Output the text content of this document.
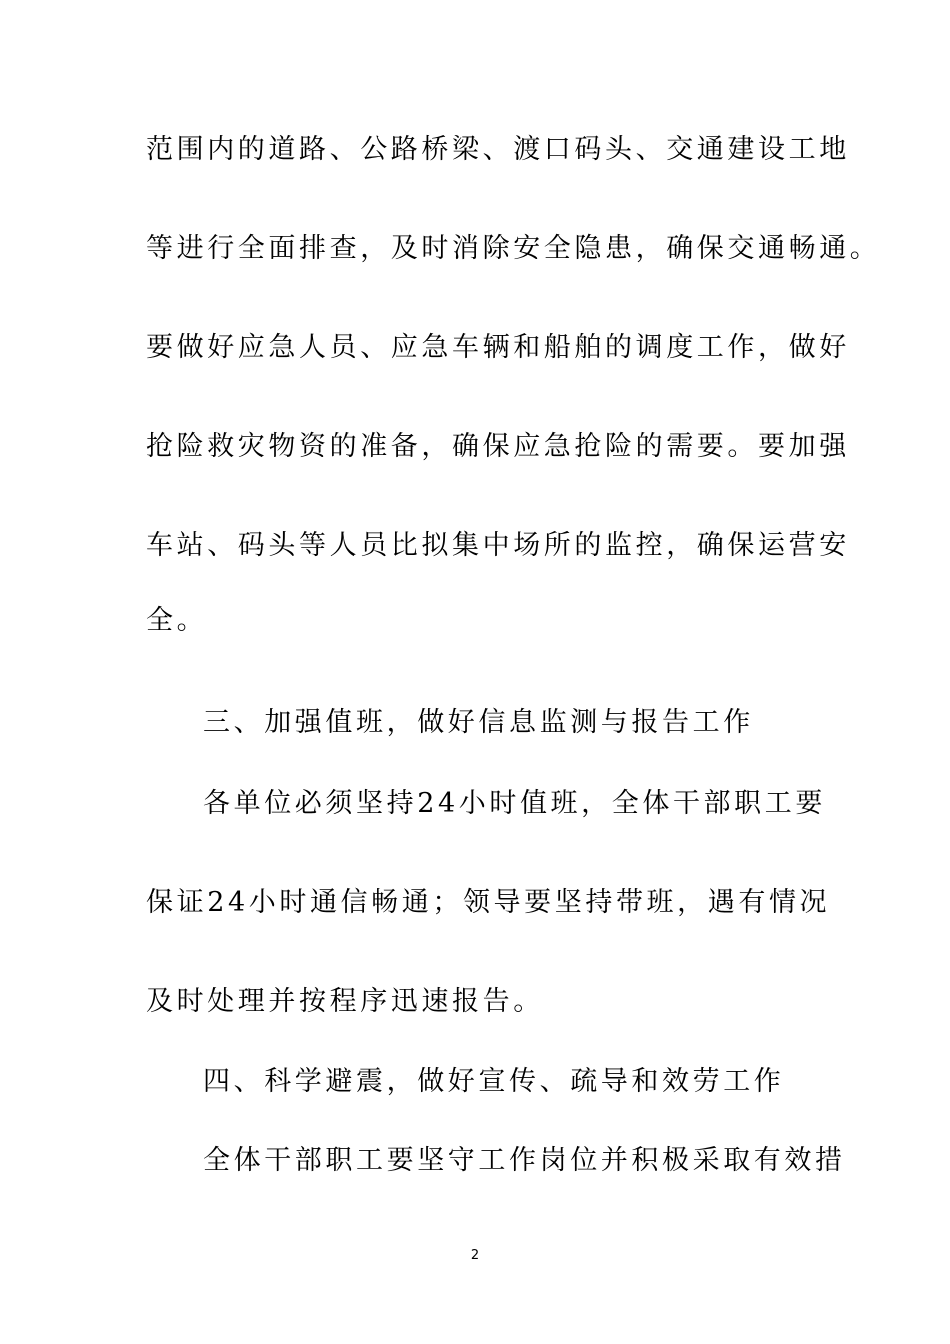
范围内的道路、公路桥梁、渡口码头、交通建设工地
等进行全面排查，及时消除安全隐患，确保交通畅通。
要做好应急人员、应急车辆和船舶的调度工作，做好
抢险救灾物资的准备，确保应急抢险的需要。要加强
车站、码头等人员比拟集中场所的监控，确保运营安
全。
三、加强值班，做好信息监测与报告工作
各单位必须坚持24小时值班，全体干部职工要
保证24小时通信畅通；领导要坚持带班，遇有情况
及时处理并按程序迅速报告。
四、科学避震，做好宣传、疏导和效劳工作
全体干部职工要坚守工作岗位并积极采取有效措
2
